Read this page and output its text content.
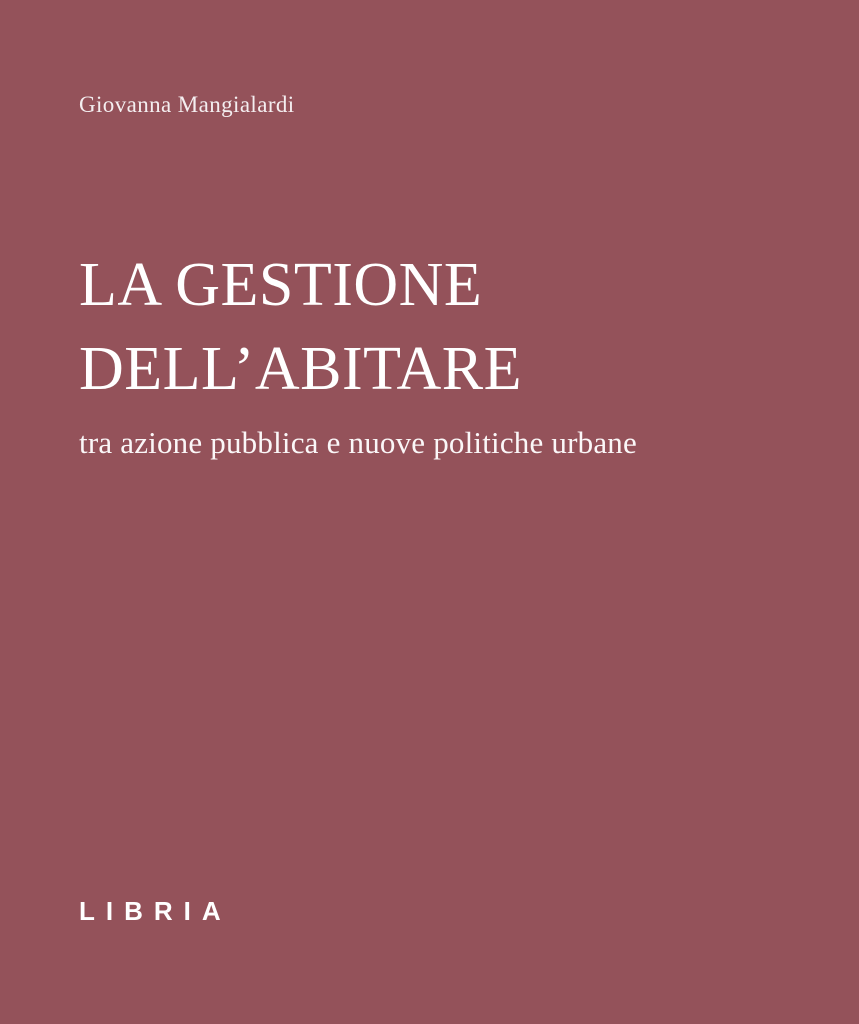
Giovanna Mangialardi
LA GESTIONE
DELL’ABITARE
tra azione pubblica e nuove politiche urbane
LIBRIA
